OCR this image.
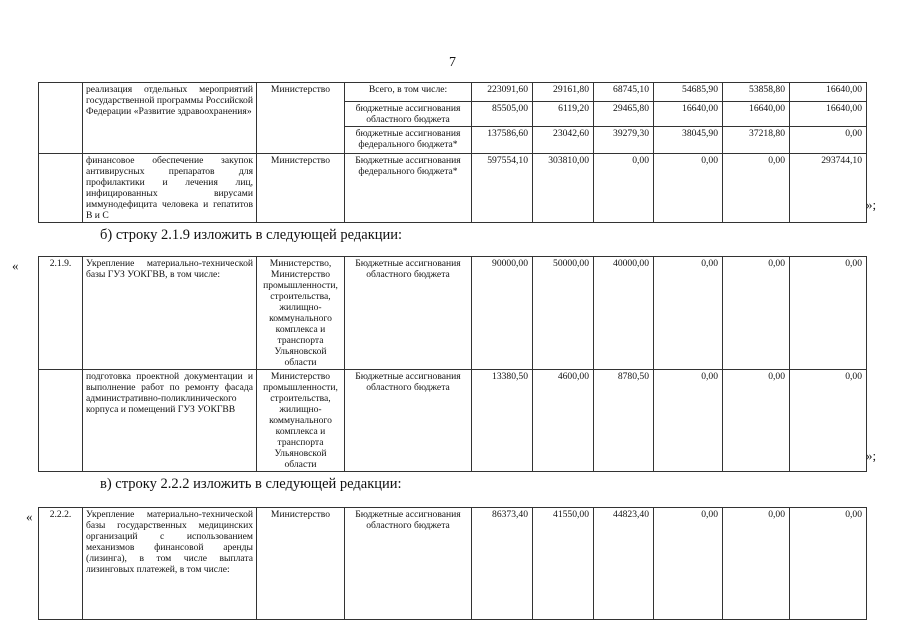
7
	реализация отдельных мероприятий государственной программы Российской Федерации «Развитие здравоохранения»	Министерство	Всего, в том числе:	223091,60	29161,80	68745,10	54685,90	53858,80	16640,00
			бюджетные ассигнования областного бюджета	85505,00	6119,20	29465,80	16640,00	16640,00	16640,00
			бюджетные ассигнования федерального бюджета*	137586,60	23042,60	39279,30	38045,90	37218,80	0,00
	финансовое обеспечение закупок антивирусных препаратов для профилактики и лечения лиц, инфицированных вирусами иммунодефицита человека и гепатитов В и С	Министерство	Бюджетные ассигнования федерального бюджета*	597554,10	303810,00	0,00	0,00	0,00	293744,10
»;
б) строку 2.1.9 изложить в следующей редакции:
«	2.1.9.	Укрепление материально-технической базы ГУЗ УОКГВВ, в том числе:	Министерство, Министерство промышленности, строительства, жилищно-коммунального комплекса и транспорта Ульяновской области	Бюджетные ассигнования областного бюджета	90000,00	50000,00	40000,00	0,00	0,00	0,00
	подготовка проектной документации и выполнение работ по ремонту фасада административно-поликлинического корпуса и помещений ГУЗ УОКГВВ	Министерство промышленности, строительства, жилищно-коммунального комплекса и транспорта Ульяновской области	Бюджетные ассигнования областного бюджета	13380,50	4600,00	8780,50	0,00	0,00	0,00
»;
в) строку 2.2.2 изложить в следующей редакции:
« 2.2.2.	Укрепление материально-технической базы государственных медицинских организаций с использованием механизмов финансовой аренды (лизинга), в том числе выплата лизинговых платежей, в том числе:	Министерство	Бюджетные ассигнования областного бюджета	86373,40	41550,00	44823,40	0,00	0,00	0,00
